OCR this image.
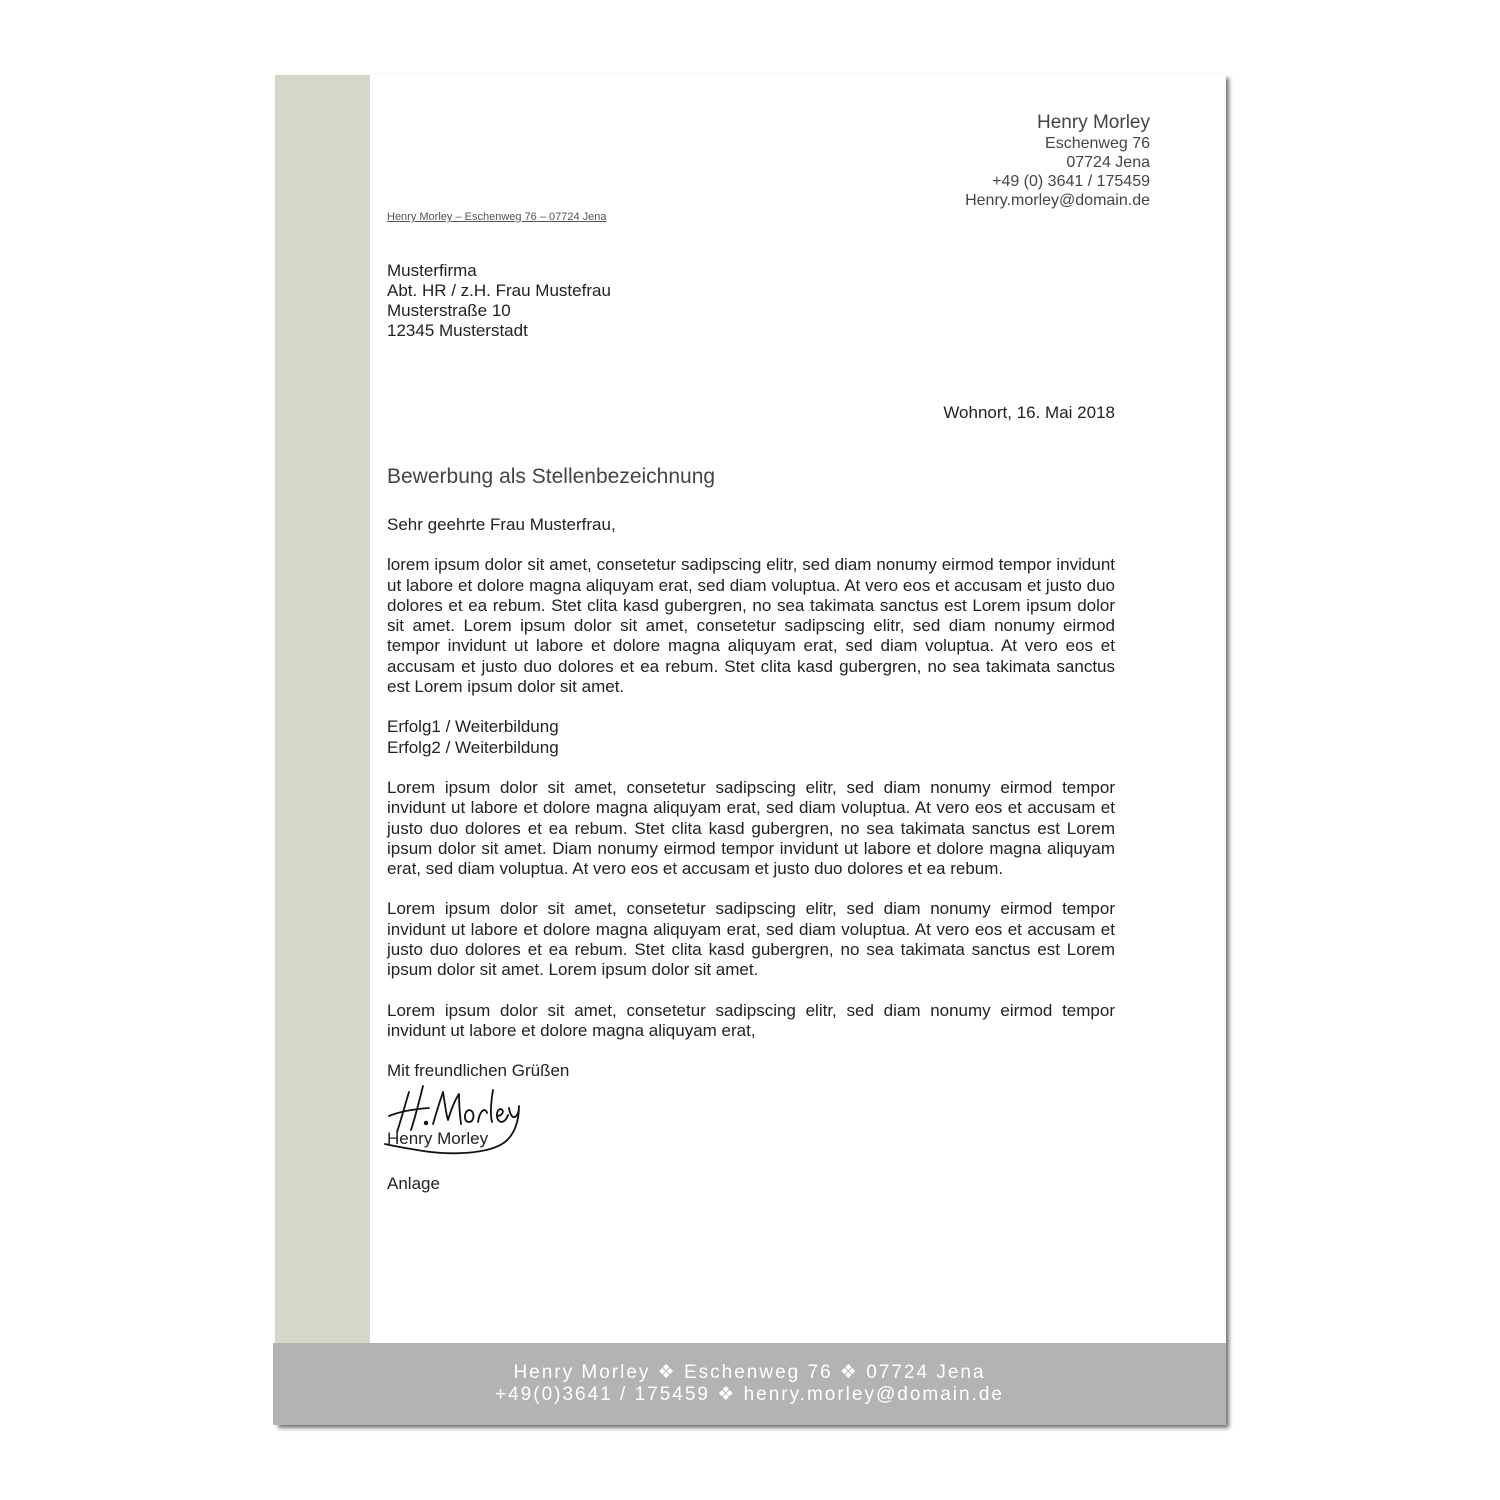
Henry Morley
Eschenweg 76
07724 Jena
+49 (0) 3641 / 175459
Henry.morley@domain.de
Henry Morley – Eschenweg 76 – 07724 Jena
Musterfirma
Abt. HR / z.H. Frau Mustefrau
Musterstraße 10
12345 Musterstadt
Wohnort, 16. Mai 2018
Bewerbung als Stellenbezeichnung

Sehr geehrte Frau Musterfrau,

lorem ipsum dolor sit amet, consetetur sadipscing elitr, sed diam nonumy eirmod tempor invidunt ut labore et dolore magna aliquyam erat, sed diam voluptua. At vero eos et accusam et justo duo dolores et ea rebum. Stet clita kasd gubergren, no sea takimata sanctus est Lorem ipsum dolor sit amet. Lorem ipsum dolor sit amet, consetetur sadipscing elitr, sed diam nonumy eirmod tempor invidunt ut labore et dolore magna aliquyam erat, sed diam voluptua. At vero eos et accusam et justo duo dolores et ea rebum. Stet clita kasd gubergren, no sea takimata sanctus est Lorem ipsum dolor sit amet.

Erfolg1 / Weiterbildung
Erfolg2 / Weiterbildung

Lorem ipsum dolor sit amet, consetetur sadipscing elitr, sed diam nonumy eirmod tempor invidunt ut labore et dolore magna aliquyam erat, sed diam voluptua. At vero eos et accusam et justo duo dolores et ea rebum. Stet clita kasd gubergren, no sea takimata sanctus est Lorem ipsum dolor sit amet. Diam nonumy eirmod tempor invidunt ut labore et dolore magna aliquyam erat, sed diam voluptua. At vero eos et accusam et justo duo dolores et ea rebum.

Lorem ipsum dolor sit amet, consetetur sadipscing elitr, sed diam nonumy eirmod tempor invidunt ut labore et dolore magna aliquyam erat, sed diam voluptua. At vero eos et accusam et justo duo dolores et ea rebum. Stet clita kasd gubergren, no sea takimata sanctus est Lorem ipsum dolor sit amet. Lorem ipsum dolor sit amet.

Lorem ipsum dolor sit amet, consetetur sadipscing elitr, sed diam nonumy eirmod tempor invidunt ut labore et dolore magna aliquyam erat,

Mit freundlichen Grüßen
Henry Morley
Anlage
Henry Morley ❖ Eschenweg 76 ❖ 07724 Jena
+49(0)3641 / 175459 ❖ henry.morley@domain.de
